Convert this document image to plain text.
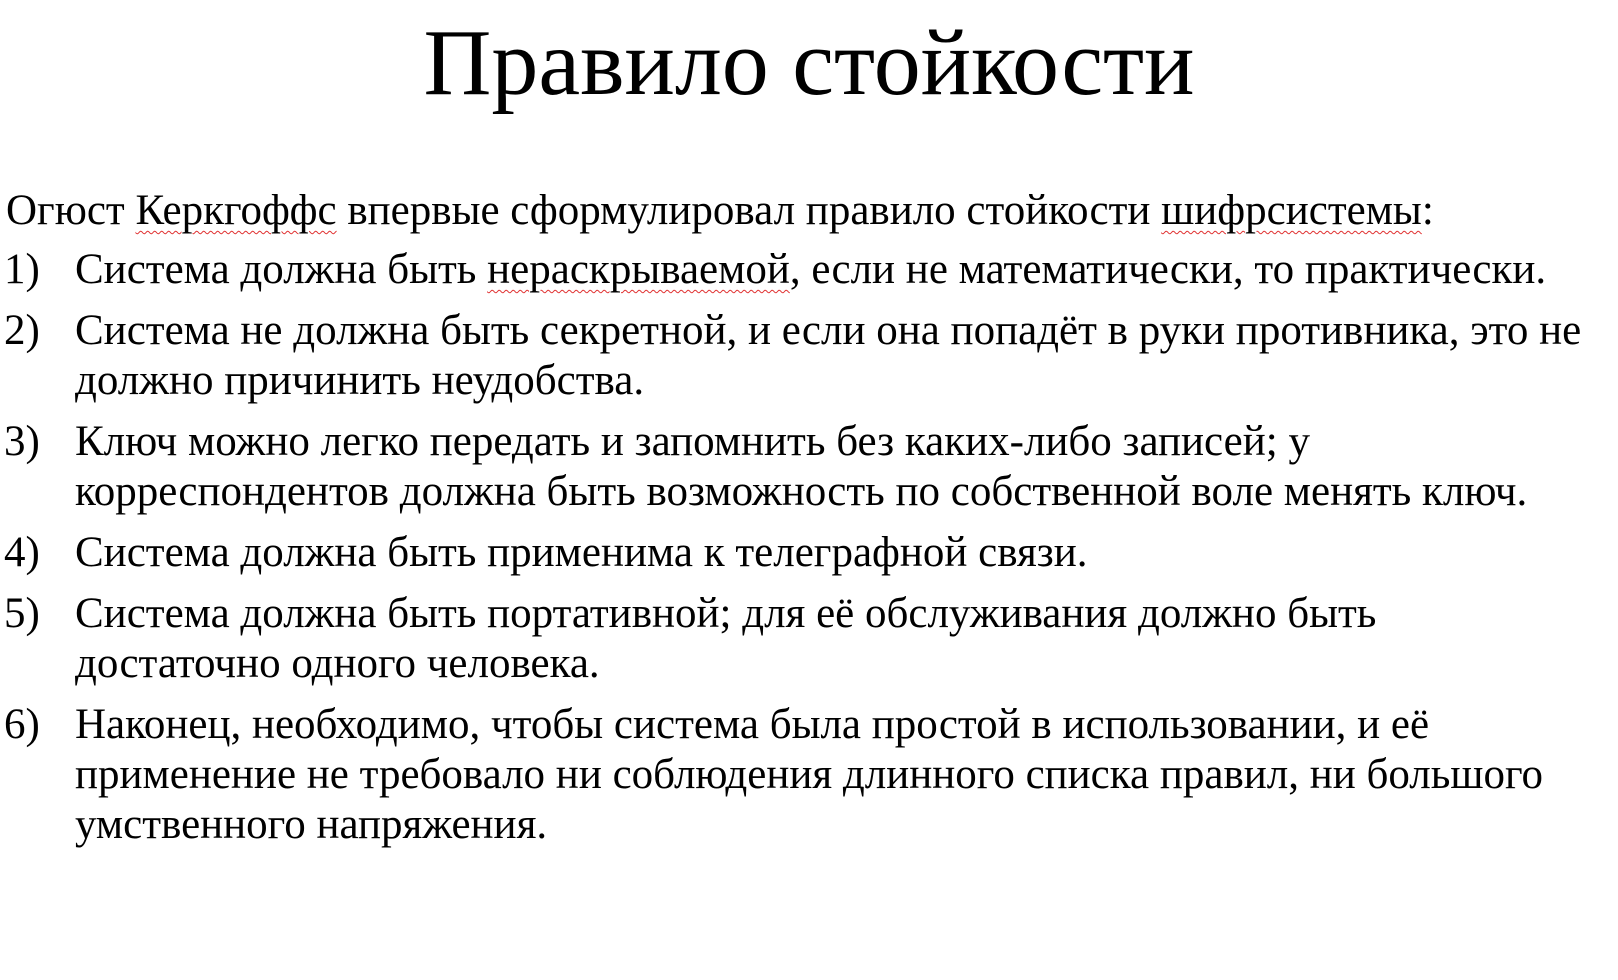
Правило стойкости

Огюст Керкгоффс впервые сформулировал правило стойкости шифрсистемы:

1) Система должна быть нераскрываемой, если не математически, то практически.
2) Система не должна быть секретной, и если она попадёт в руки противника, это не должно причинить неудобства.
3) Ключ можно легко передать и запомнить без каких-либо записей; у корреспондентов должна быть возможность по собственной воле менять ключ.
4) Система должна быть применима к телеграфной связи.
5) Система должна быть портативной; для её обслуживания должно быть достаточно одного человека.
6) Наконец, необходимо, чтобы система была простой в использовании, и её применение не требовало ни соблюдения длинного списка правил, ни большого умственного напряжения.
